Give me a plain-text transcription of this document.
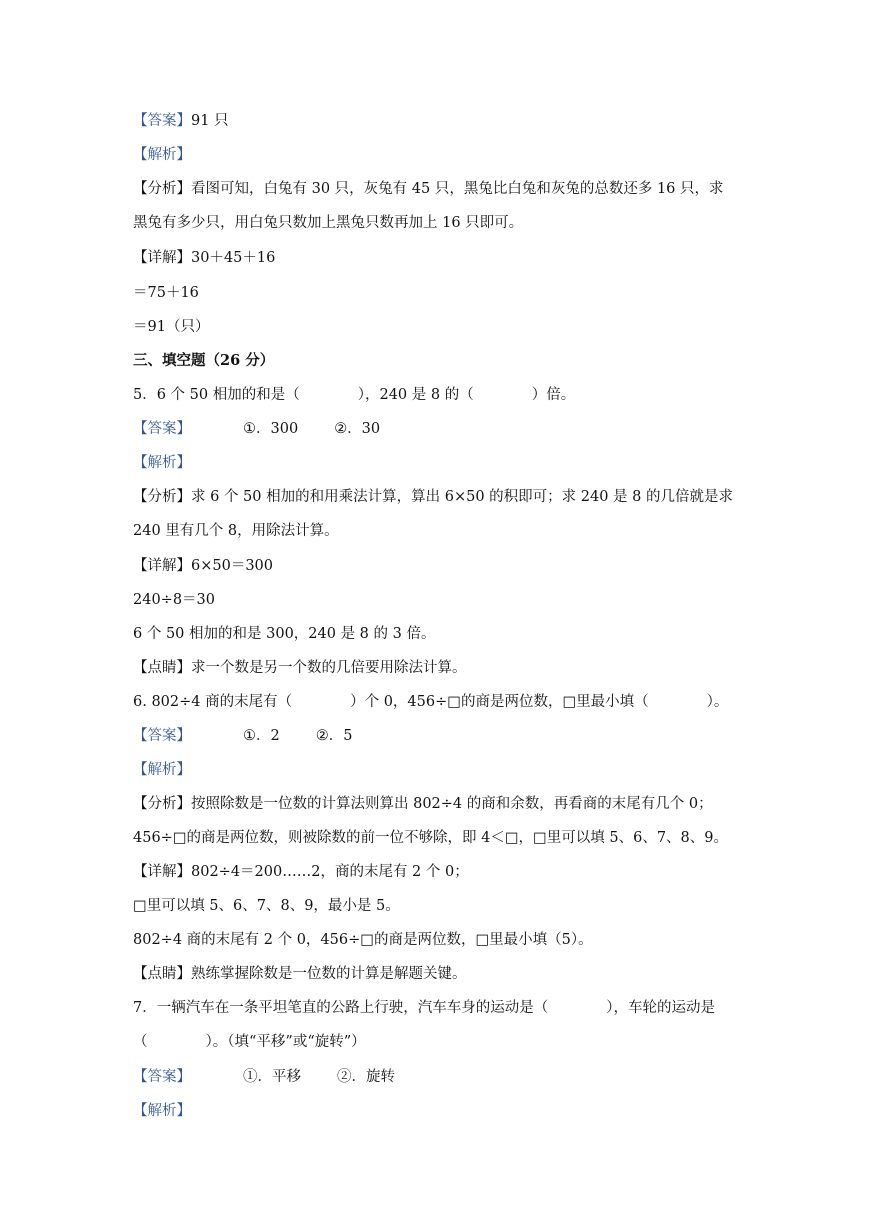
【答案】91 只
【解析】
【分析】看图可知，白兔有 30 只，灰兔有 45 只，黑兔比白兔和灰兔的总数还多 16 只，求
黑兔有多少只，用白兔只数加上黑兔只数再加上 16 只即可。
【详解】30＋45＋16
＝75＋16
＝91（只）
三、填空题（26 分）
5．6 个 50 相加的和是（　　　　），240 是 8 的（　　　　）倍。
【答案】	①．300 ②．30
【解析】
【分析】求 6 个 50 相加的和用乘法计算，算出 6×50 的积即可；求 240 是 8 的几倍就是求
240 里有几个 8，用除法计算。
【详解】6×50＝300
240÷8＝30
6 个 50 相加的和是 300，240 是 8 的 3 倍。
【点睛】求一个数是另一个数的几倍要用除法计算。
6. 802÷4 商的末尾有（　　　　）个 0，456÷□的商是两位数，□里最小填（　　　　）。
【答案】	①．2 ②．5
【解析】
【分析】按照除数是一位数的计算法则算出 802÷4 的商和余数，再看商的末尾有几个 0；
456÷□的商是两位数，则被除数的前一位不够除，即 4＜□，□里可以填 5、6、7、8、9。
【详解】802÷4＝200……2，商的末尾有 2 个 0；
□里可以填 5、6、7、8、9，最小是 5。
802÷4 商的末尾有 2 个 0，456÷□的商是两位数，□里最小填（5）。
【点睛】熟练掌握除数是一位数的计算是解题关键。
7．一辆汽车在一条平坦笔直的公路上行驶，汽车车身的运动是（　　　　），车轮的运动是
（　　　　）。（填“平移”或“旋转”）
【答案】	①．平移 ②．旋转
【解析】
